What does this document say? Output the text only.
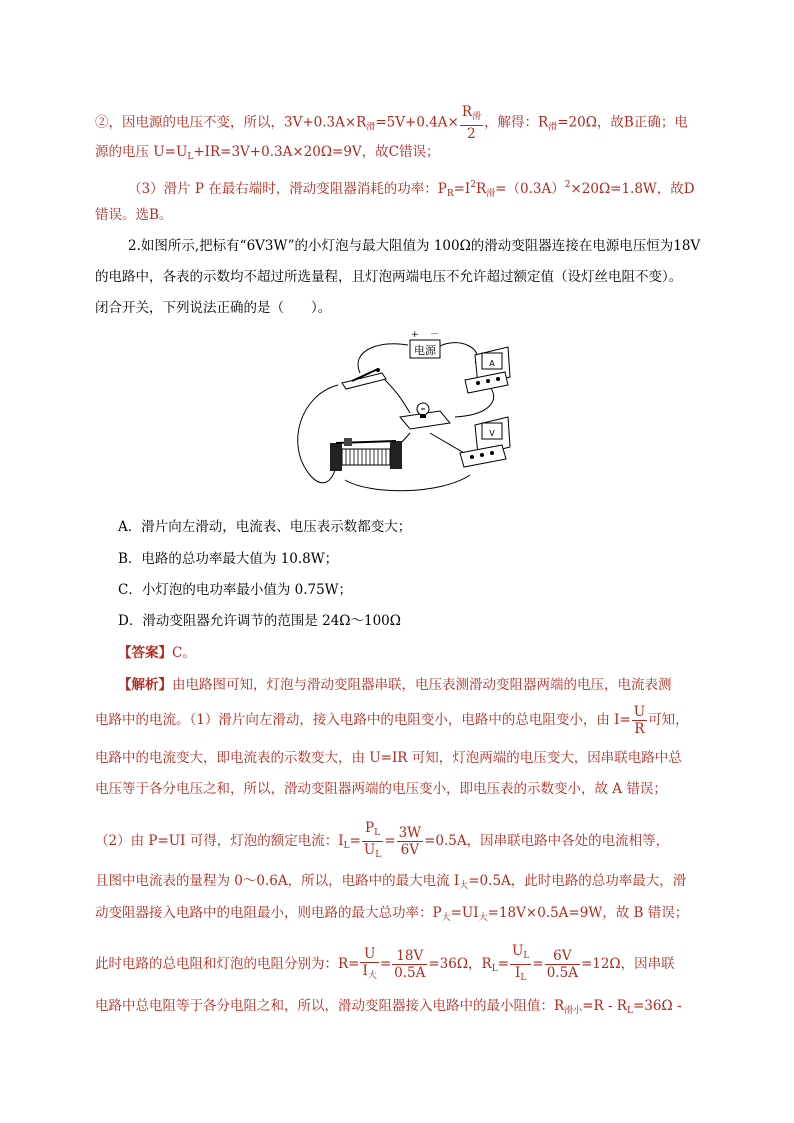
②，因电源的电压不变，所以，$3V+0.3A\times R_滑=5V+0.4A\times \frac{R_滑}{2}$ ，解得：$R_滑=20\Omega$，故B正确；电
源的电压 $U=U_L+IR=3V+0.3A\times 20\Omega=9V$，故C错误；
（3）滑片 P 在最右端时，滑动变阻器消耗的功率：$P_R=I^2R_滑=(0.3A)^2\times 20\Omega=1.8W$，故D
错误。选B。
2.如图所示,把标有“6V3W”的小灯泡与最大阻值为 100Ω的滑动变阻器连接在电源电压恒为18V
的电路中，各表的示数均不超过所选量程，且灯泡两端电压不允许超过额定值（设灯丝电阻不变）。
闭合开关，下列说法正确的是（　　）。
电源
+ －
A
V
A．滑片向左滑动，电流表、电压表示数都变大；
B．电路的总功率最大值为 10.8W；
C．小灯泡的电功率最小值为 0.75W；
D．滑动变阻器允许调节的范围是 24Ω～100Ω
【答案】C。
【解析】由电路图可知，灯泡与滑动变阻器串联，电压表测滑动变阻器两端的电压，电流表测
电路中的电流。（1）滑片向左滑动，接入电路中的电阻变小，电路中的总电阻变小，由 $I= \frac{U}{R}$ 可知，
电路中的电流变大，即电流表的示数变大，由 U=IR 可知，灯泡两端的电压变大，因串联电路中总
电压等于各分电压之和，所以，滑动变阻器两端的电压变小，即电压表的示数变小，故 A 错误；
（2）由 P=UI 可得，灯泡的额定电流：$I_L= \frac{P_L}{U_L} = \frac{3W}{6V} =0.5A$，因串联电路中各处的电流相等，
且图中电流表的量程为 0～0.6A，所以，电路中的最大电流 $I_大=0.5A$，此时电路的总功率最大，滑
动变阻器接入电路中的电阻最小，则电路的最大总功率：$P_大=UI_大=18V\times 0.5A=9W$，故 B 错误；
此时电路的总电阻和灯泡的电阻分别为：$R= \frac{U}{I_大} = \frac{18V}{0.5A} =36\Omega$，$R_L= \frac{U_L}{I_L} = \frac{6V}{0.5A} =12\Omega$，因串联
电路中总电阻等于各分电阻之和，所以，滑动变阻器接入电路中的最小阻值：$R_{滑小}=R - R_L=36\Omega$ -
